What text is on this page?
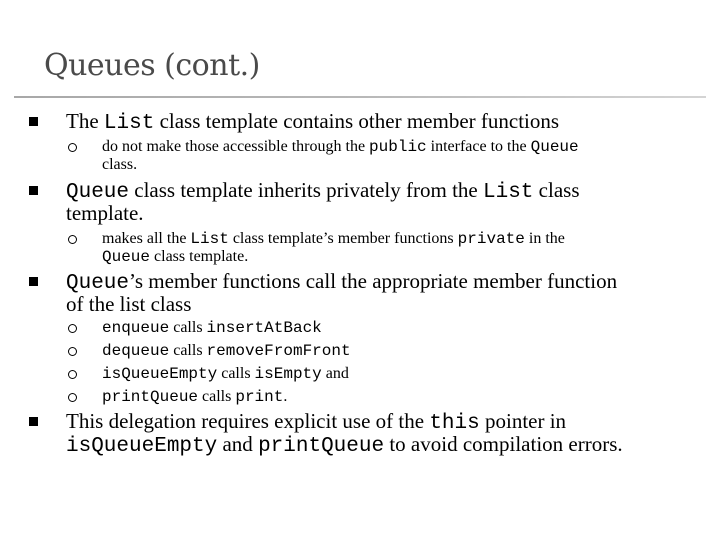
Queues (cont.)
The List class template contains other member functions
do not make those accessible through the public interface to the Queue
class.
Queue class template inherits privately from the List class
template.
makes all the List class template’s member functions private in the
Queue class template.
Queue’s member functions call the appropriate member function
of the list class
enqueue calls insertAtBack
dequeue calls removeFromFront
isQueueEmpty calls isEmpty and
printQueue calls print.
This delegation requires explicit use of the this pointer in
isQueueEmpty and printQueue to avoid compilation errors.
